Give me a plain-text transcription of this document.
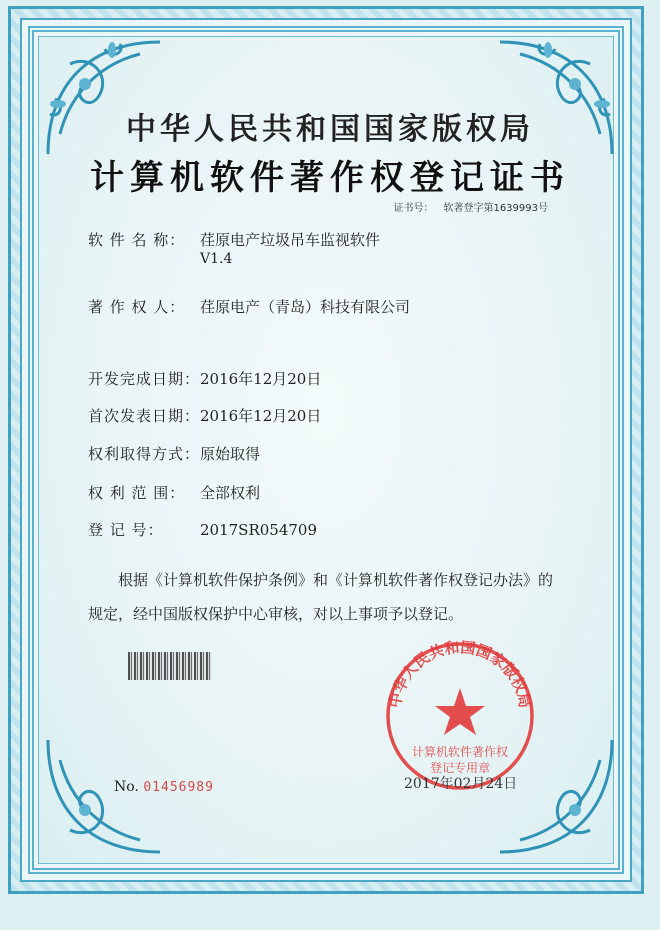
中华人民共和国国家版权局
计算机软件著作权登记证书
证书号： 软著登字第1639993号
软 件 名 称： 荏原电产垃圾吊车监视软件
V1.4
著 作 权 人： 荏原电产（青岛）科技有限公司
开发完成日期：2016年12月20日
首次发表日期：2016年12月20日
权利取得方式：原始取得
权 利 范 围： 全部权利
登 记 号： 2017SR054709
根据《计算机软件保护条例》和《计算机软件著作权登记办法》的
规定，经中国版权保护中心审核，对以上事项予以登记。
中华人民共和国国家版权局
计算机软件著作权
登记专用章
No. 01456989	2017年02月24日
